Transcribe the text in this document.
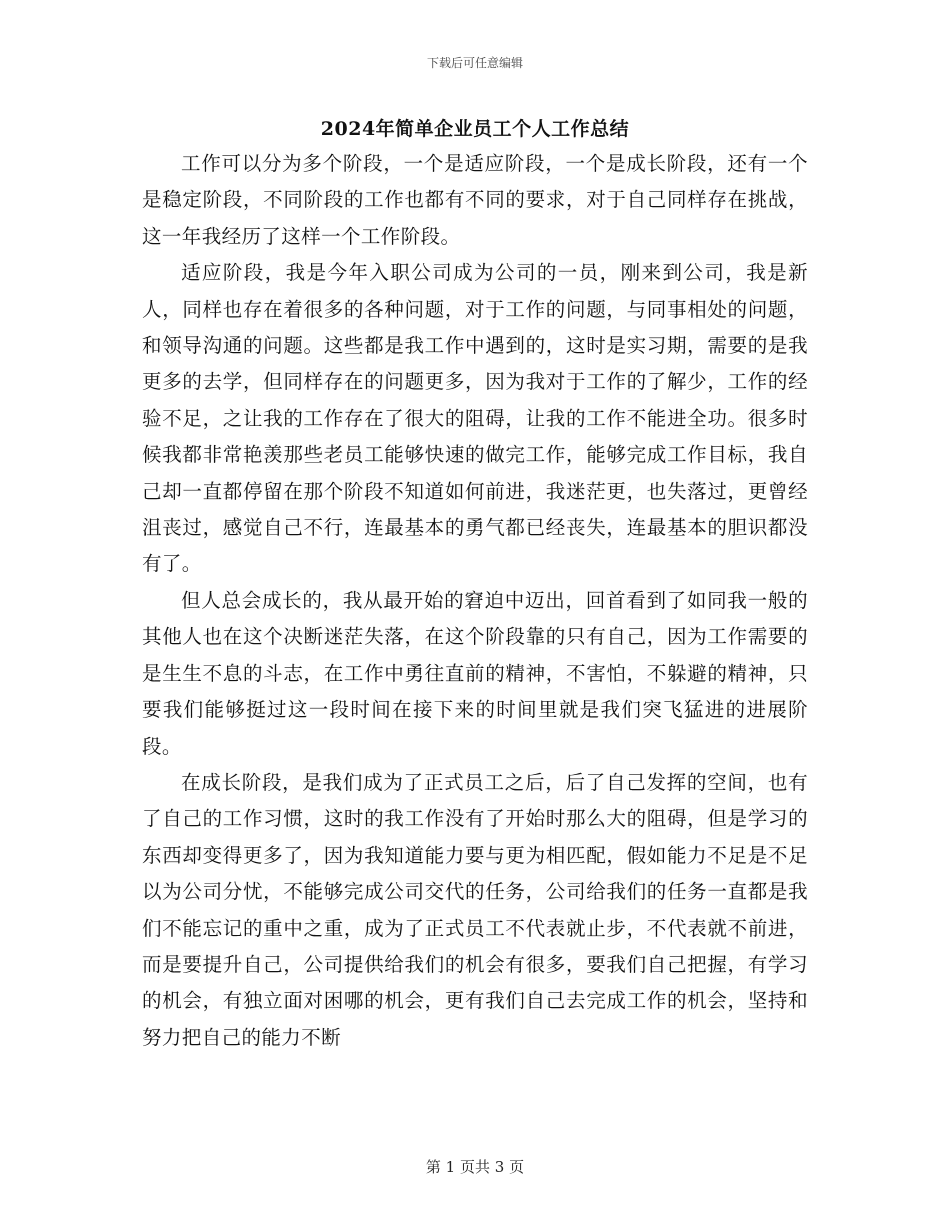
下载后可任意编辑
2024年简单企业员工个人工作总结

工作可以分为多个阶段，一个是适应阶段，一个是成长阶段，还有一个是稳定阶段，不同阶段的工作也都有不同的要求，对于自己同样存在挑战，这一年我经历了这样一个工作阶段。

适应阶段，我是今年入职公司成为公司的一员，刚来到公司，我是新人，同样也存在着很多的各种问题，对于工作的问题，与同事相处的问题，和领导沟通的问题。这些都是我工作中遇到的，这时是实习期，需要的是我更多的去学，但同样存在的问题更多，因为我对于工作的了解少，工作的经验不足，之让我的工作存在了很大的阻碍，让我的工作不能进全功。很多时候我都非常艳羡那些老员工能够快速的做完工作，能够完成工作目标，我自己却一直都停留在那个阶段不知道如何前进，我迷茫更，也失落过，更曾经沮丧过，感觉自己不行，连最基本的勇气都已经丧失，连最基本的胆识都没有了。

但人总会成长的，我从最开始的窘迫中迈出，回首看到了如同我一般的其他人也在这个决断迷茫失落，在这个阶段靠的只有自己，因为工作需要的是生生不息的斗志，在工作中勇往直前的精神，不害怕，不躲避的精神，只要我们能够挺过这一段时间在接下来的时间里就是我们突飞猛进的进展阶段。

在成长阶段，是我们成为了正式员工之后，后了自己发挥的空间，也有了自己的工作习惯，这时的我工作没有了开始时那么大的阻碍，但是学习的东西却变得更多了，因为我知道能力要与更为相匹配，假如能力不足是不足以为公司分忧，不能够完成公司交代的任务，公司给我们的任务一直都是我们不能忘记的重中之重，成为了正式员工不代表就止步，不代表就不前进，而是要提升自己，公司提供给我们的机会有很多，要我们自己把握，有学习的机会，有独立面对困哪的机会，更有我们自己去完成工作的机会，坚持和努力把自己的能力不断

第 1 页共 3 页
